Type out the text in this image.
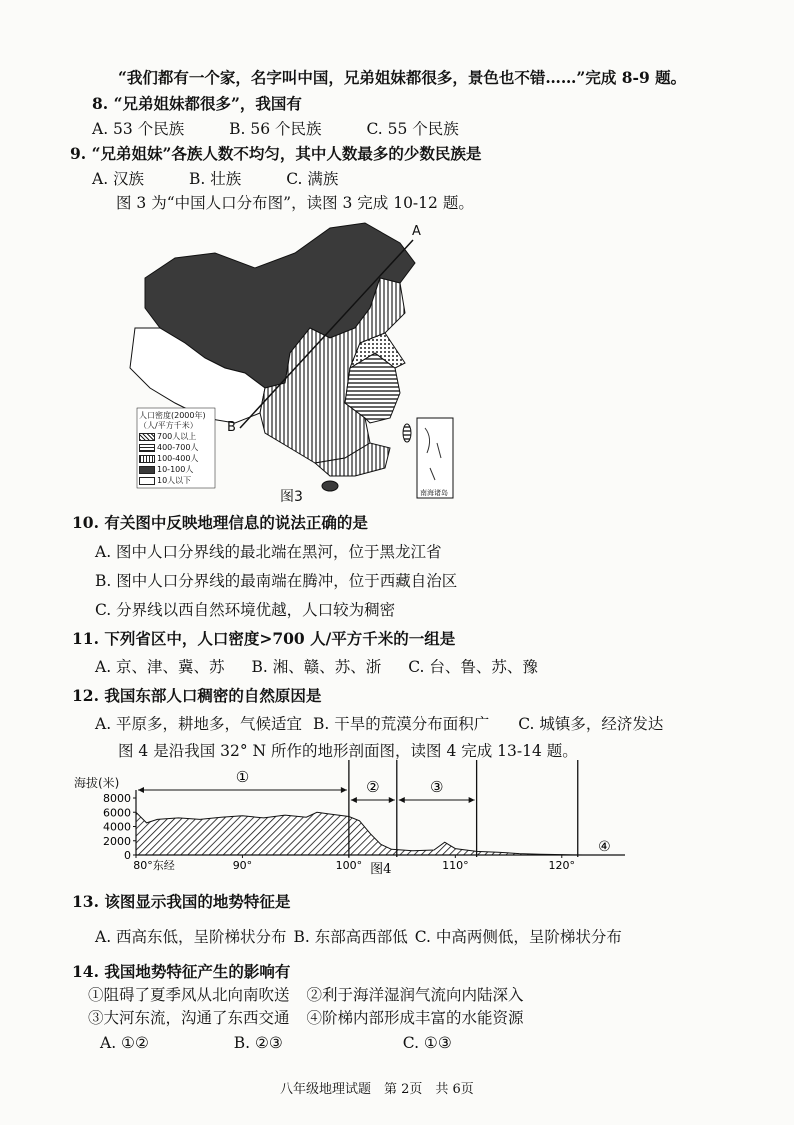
“我们都有一个家，名字叫中国，兄弟姐妹都很多，景色也不错……”完成 8-9 题。
8. “兄弟姐妹都很多”，我国有
A. 53 个民族	B. 56 个民族	C. 55 个民族
9. “兄弟姐妹”各族人数不均匀，其中人数最多的少数民族是
A. 汉族	B. 壮族	C. 满族
图 3 为“中国人口分布图”，读图 3 完成 10-12 题。
A
B
人口密度(2000年)
（人/平方千米）
700人以上
400-700人
100-400人
10-100人
10人以下
南海诸岛
图3
10. 有关图中反映地理信息的说法正确的是
A. 图中人口分界线的最北端在黑河，位于黑龙江省
B. 图中人口分界线的最南端在腾冲，位于西藏自治区
C. 分界线以西自然环境优越，人口较为稠密
11. 下列省区中，人口密度>700 人/平方千米的一组是
A. 京、津、冀、苏 B. 湘、赣、苏、浙 C. 台、鲁、苏、豫
12. 我国东部人口稠密的自然原因是
A. 平原多，耕地多，气候适宜 B. 干旱的荒漠分布面积广 C. 城镇多，经济发达
图 4 是沿我国 32° N 所作的地形剖面图，读图 4 完成 13-14 题。
8000
6000
4000
2000
0
80°东经	90°	100°	110°	120°
图4
①
②	③
④
海拔(米)
13. 该图显示我国的地势特征是
A. 西高东低，呈阶梯状分布 B. 东部高西部低 C. 中高两侧低，呈阶梯状分布
14. 我国地势特征产生的影响有
①阻碍了夏季风从北向南吹送 ②利于海洋湿润气流向内陆深入
③大河东流，沟通了东西交通 ④阶梯内部形成丰富的水能资源
A. ①②	B. ②③	C. ①③
八年级地理试题　第 2页　共 6页
